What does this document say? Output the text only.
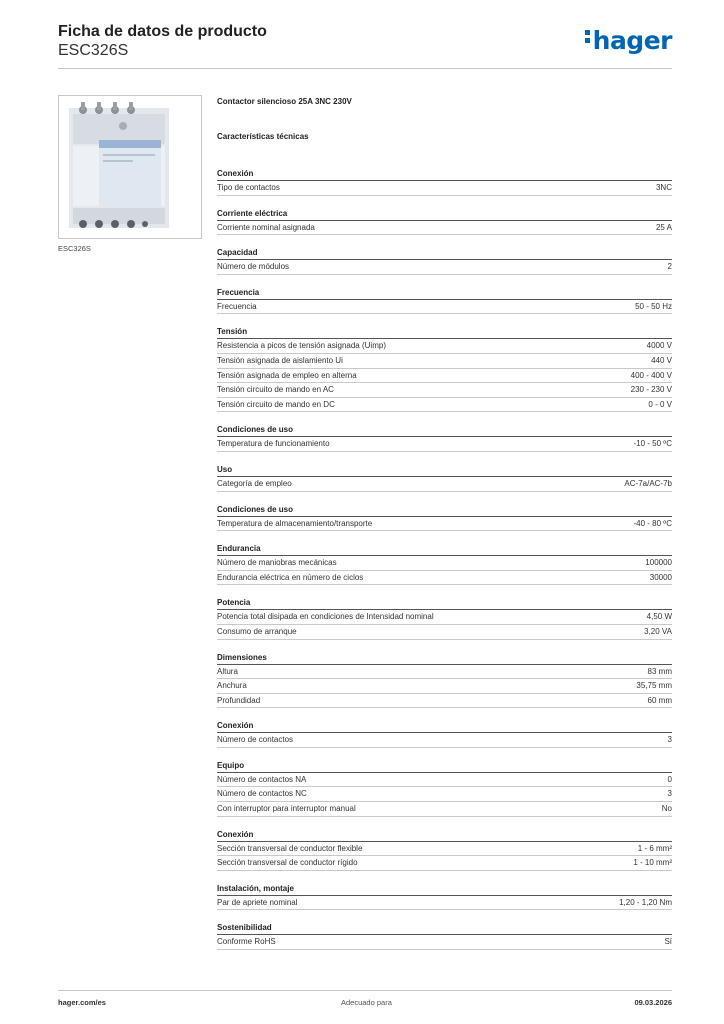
Ficha de datos de producto
ESC326S	hager
ESC326S
Contactor silencioso 25A 3NC 230V
Características técnicas
Conexión
Tipo de contactos	3NC
Corriente eléctrica
Corriente nominal asignada	25 A
Capacidad
Número de módulos	2
Frecuencia
Frecuencia	50 - 50 Hz
Tensión
Resistencia a picos de tensión asignada (Uimp)	4000 V
Tensión asignada de aislamiento Ui	440 V
Tensión asignada de empleo en alterna	400 - 400 V
Tensión circuito de mando en AC	230 - 230 V
Tensión circuito de mando en DC	0 - 0 V
Condiciones de uso
Temperatura de funcionamiento	-10 - 50 ºC
Uso
Categoría de empleo	AC-7a/AC-7b
Condiciones de uso
Temperatura de almacenamiento/transporte	-40 - 80 ºC
Endurancia
Número de maniobras mecánicas	100000
Endurancia eléctrica en número de ciclos	30000
Potencia
Potencia total disipada en condiciones de Intensidad nominal	4,50 W
Consumo de arranque	3,20 VA
Dimensiones
Altura	83 mm
Anchura	35,75 mm
Profundidad	60 mm
Conexión
Número de contactos	3
Equipo
Número de contactos NA	0
Número de contactos NC	3
Con interruptor para interruptor manual	No
Conexión
Sección transversal de conductor flexible	1 - 6 mm²
Sección transversal de conductor rígido	1 - 10 mm²
Instalación, montaje
Par de apriete nominal	1,20 - 1,20 Nm
Sostenibilidad
Conforme RoHS	Sí
hager.com/es	Adecuado para	09.03.2026
